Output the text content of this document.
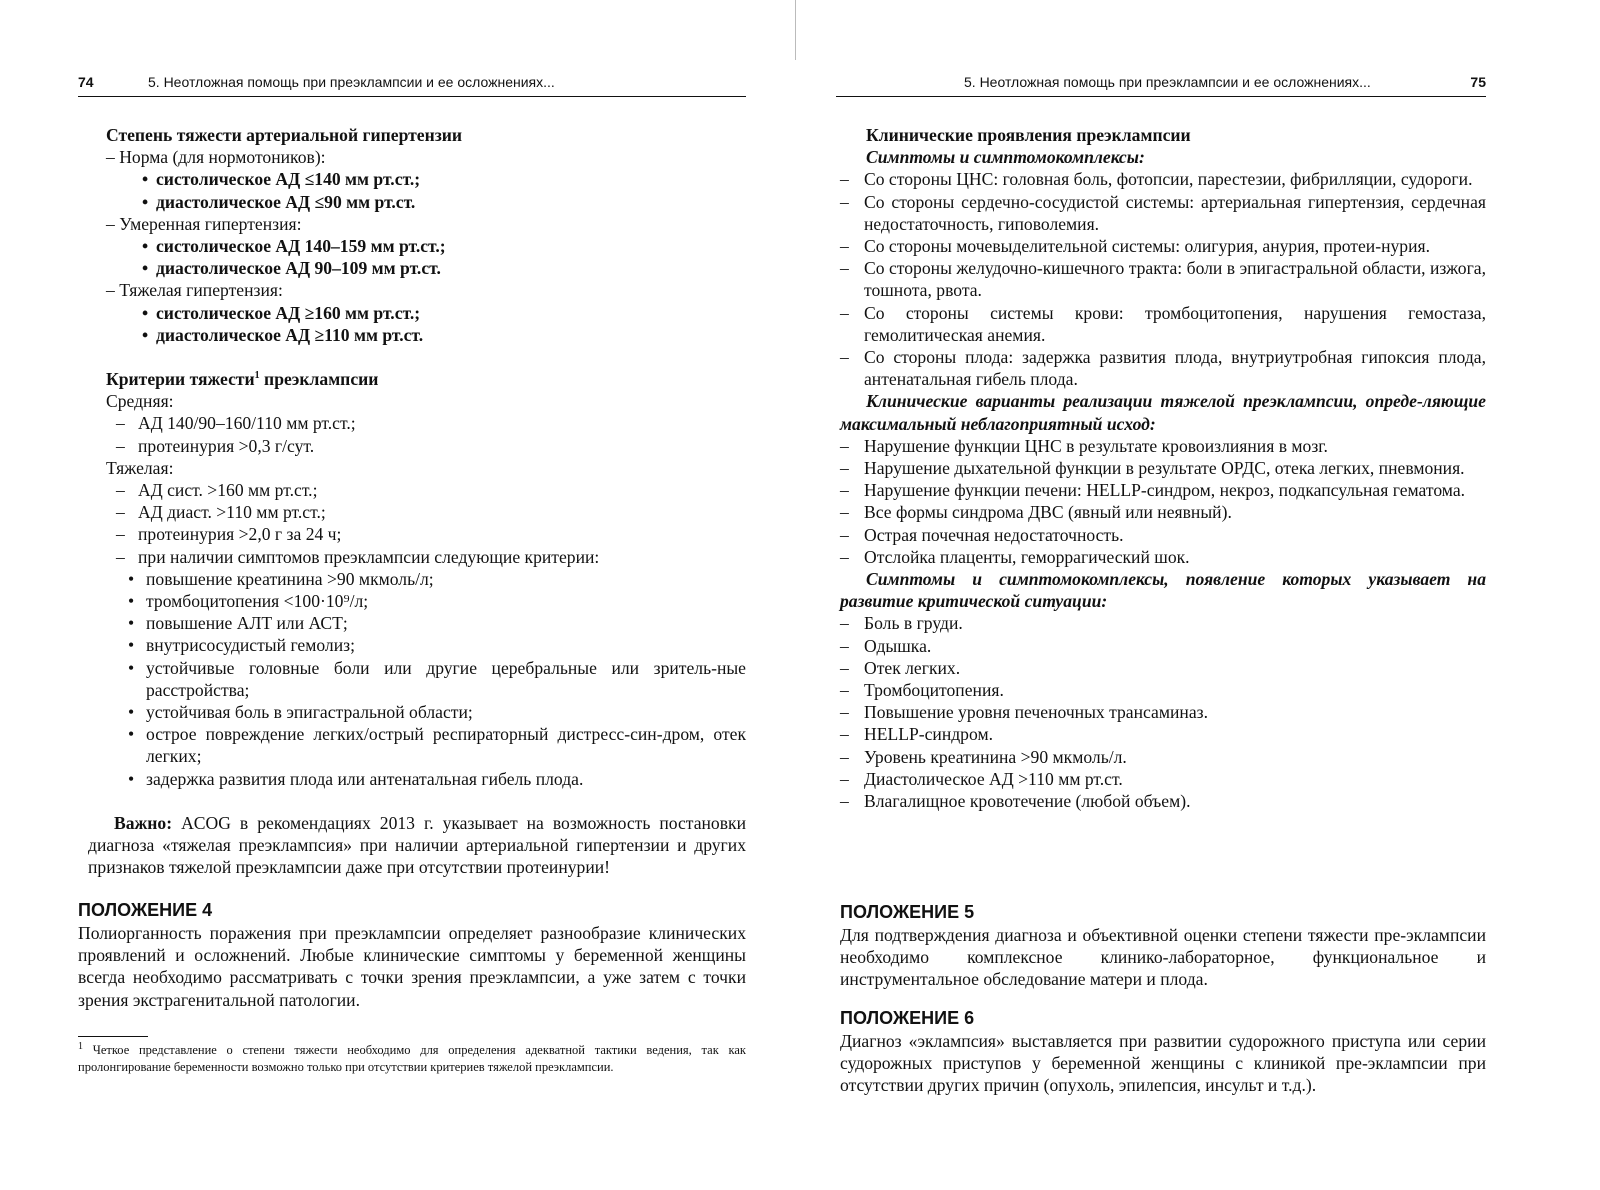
74	5. Неотложная помощь при преэклампсии и ее осложнениях...

Степень тяжести артериальной гипертензии

– Норма (для нормотоников):

• систолическое АД ≤140 мм рт.ст.;

• диастолическое АД ≤90 мм рт.ст.

– Умеренная гипертензия:

• систолическое АД 140–159 мм рт.ст.;

• диастолическое АД 90–109 мм рт.ст.

– Тяжелая гипертензия:

• систолическое АД ≥160 мм рт.ст.;

• диастолическое АД ≥110 мм рт.ст.

Критерии тяжести$^1$ преэклампсии

Средняя:

– АД 140/90–160/110 мм рт.ст.;

– протеинурия >0,3 г/сут.

Тяжелая:

– АД сист. >160 мм рт.ст.;

– АД диаст. >110 мм рт.ст.;

– протеинурия >2,0 г за 24 ч;

– при наличии симптомов преэклампсии следующие критерии:

• повышение креатинина >90 мкмоль/л;

• тромбоцитопения <100·10⁹/л;

• повышение АЛТ или АСТ;

• внутрисосудистый гемолиз;

• устойчивые головные боли или другие церебральные или зритель-ные расстройства;

• устойчивая боль в эпигастральной области;

• острое повреждение легких/острый респираторный дистресс-син-дром, отек легких;

• задержка развития плода или антенатальная гибель плода.

Важно: ACOG в рекомендациях 2013 г. указывает на возможность постановки диагноза «тяжелая преэклампсия» при наличии артериальной гипертензии и других признаков тяжелой преэклампсии даже при отсутствии протеинурии!

ПОЛОЖЕНИЕ 4

Полиорганность поражения при преэклампсии определяет разнообразие клинических проявлений и осложнений. Любые клинические симптомы у беременной женщины всегда необходимо рассматривать с точки зрения преэклампсии, а уже затем с точки зрения экстрагенитальной патологии.

$^1$ Четкое представление о степени тяжести необходимо для определения адекватной тактики ведения, так как пролонгирование беременности возможно только при отсутствии критериев тяжелой преэклампсии.
5. Неотложная помощь при преэклампсии и ее осложнениях...	75

Клинические проявления преэклампсии

Симптомы и симптомокомплексы:

– Со стороны ЦНС: головная боль, фотопсии, парестезии, фибрилляции, судороги.

– Со стороны сердечно-сосудистой системы: артериальная гипертензия, сердечная недостаточность, гиповолемия.

– Со стороны мочевыделительной системы: олигурия, анурия, протеи-нурия.

– Со стороны желудочно-кишечного тракта: боли в эпигастральной области, изжога, тошнота, рвота.

– Со стороны системы крови: тромбоцитопения, нарушения гемостаза, гемолитическая анемия.

– Со стороны плода: задержка развития плода, внутриутробная гипоксия плода, антенатальная гибель плода.

Клинические варианты реализации тяжелой преэклампсии, опреде-ляющие максимальный неблагоприятный исход:

– Нарушение функции ЦНС в результате кровоизлияния в мозг.

– Нарушение дыхательной функции в результате ОРДС, отека легких, пневмония.

– Нарушение функции печени: HELLP-синдром, некроз, подкапсульная гематома.

– Все формы синдрома ДВС (явный или неявный).

– Острая почечная недостаточность.

– Отслойка плаценты, геморрагический шок.

Симптомы и симптомокомплексы, появление которых указывает на развитие критической ситуации:

– Боль в груди.

– Одышка.

– Отек легких.

– Тромбоцитопения.

– Повышение уровня печеночных трансаминаз.

– HELLP-синдром.

– Уровень креатинина >90 мкмоль/л.

– Диастолическое АД >110 мм рт.ст.

– Влагалищное кровотечение (любой объем).

ПОЛОЖЕНИЕ 5

Для подтверждения диагноза и объективной оценки степени тяжести пре-эклампсии необходимо комплексное клинико-лабораторное, функциональное и инструментальное обследование матери и плода.

ПОЛОЖЕНИЕ 6

Диагноз «эклампсия» выставляется при развитии судорожного приступа или серии судорожных приступов у беременной женщины с клиникой пре-эклампсии при отсутствии других причин (опухоль, эпилепсия, инсульт и т.д.).
